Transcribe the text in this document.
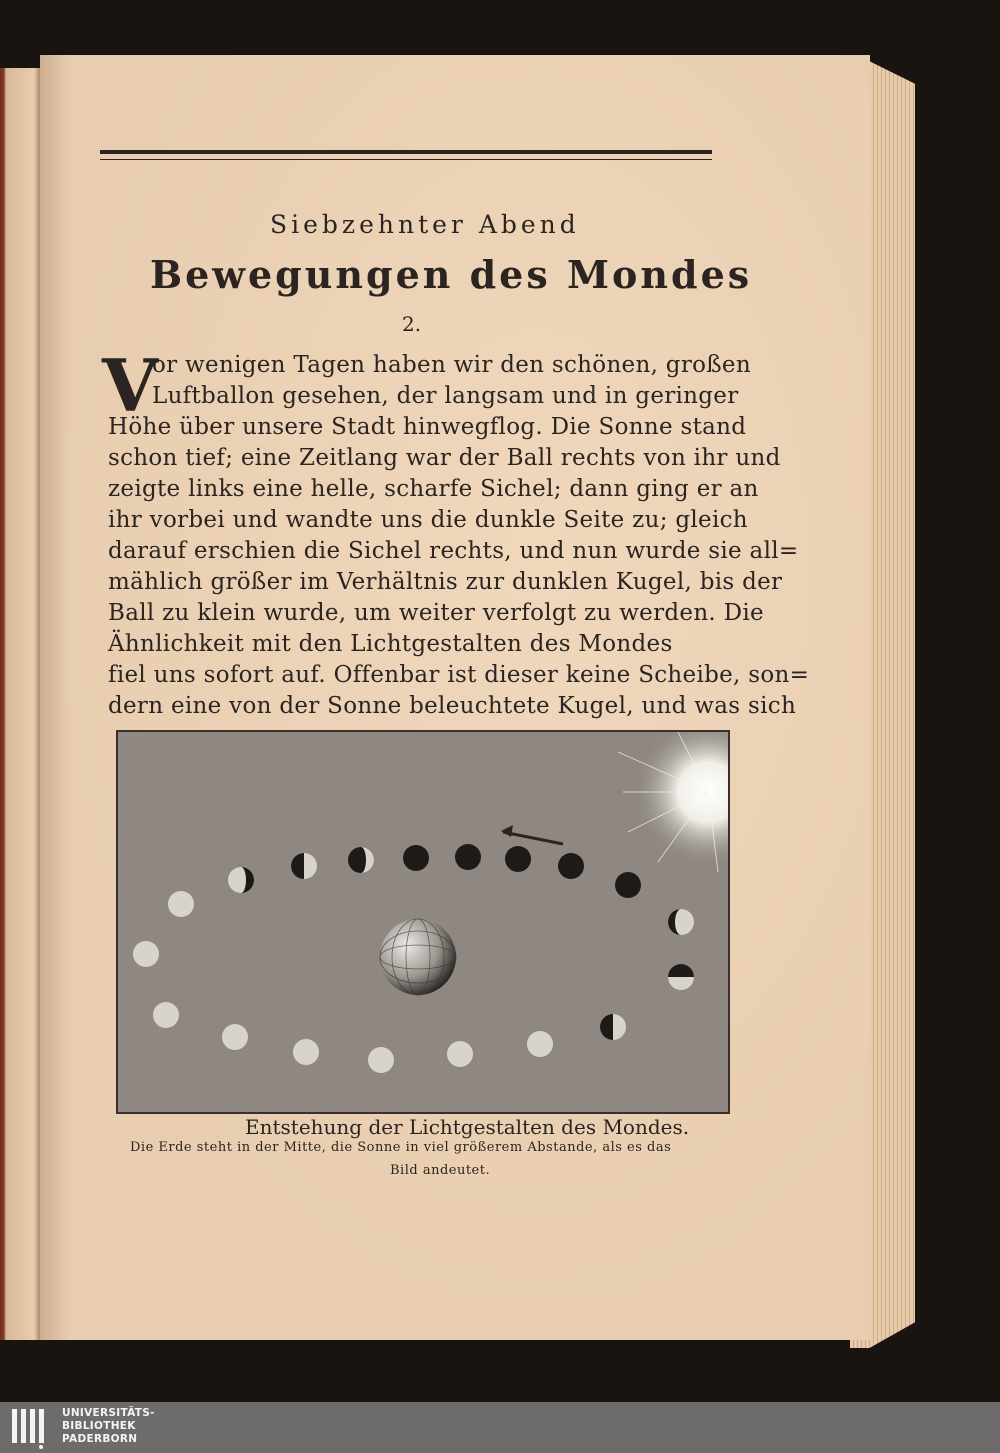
Siebzehnter Abend
Bewegungen des Mondes
2.
V
or wenigen Tagen haben wir den schönen, großen
Luftballon gesehen, der langsam und in geringer
Höhe über unsere Stadt hinwegflog. Die Sonne stand
schon tief; eine Zeitlang war der Ball rechts von ihr und
zeigte links eine helle, scharfe Sichel; dann ging er an
ihr vorbei und wandte uns die dunkle Seite zu; gleich
darauf erschien die Sichel rechts, und nun wurde sie all=
mählich größer im Verhältnis zur dunklen Kugel, bis der
Ball zu klein wurde, um weiter verfolgt zu werden. Die
Ähnlichkeit mit den Lichtgestalten des Mondes
fiel uns sofort auf. Offenbar ist dieser keine Scheibe, son=
dern eine von der Sonne beleuchtete Kugel, und was sich
Entstehung der Lichtgestalten des Mondes.
Die Erde steht in der Mitte, die Sonne in viel größerem Abstande, als es das
Bild andeutet.
UNIVERSITÄTS-
BIBLIOTHEK
PADERBORN
